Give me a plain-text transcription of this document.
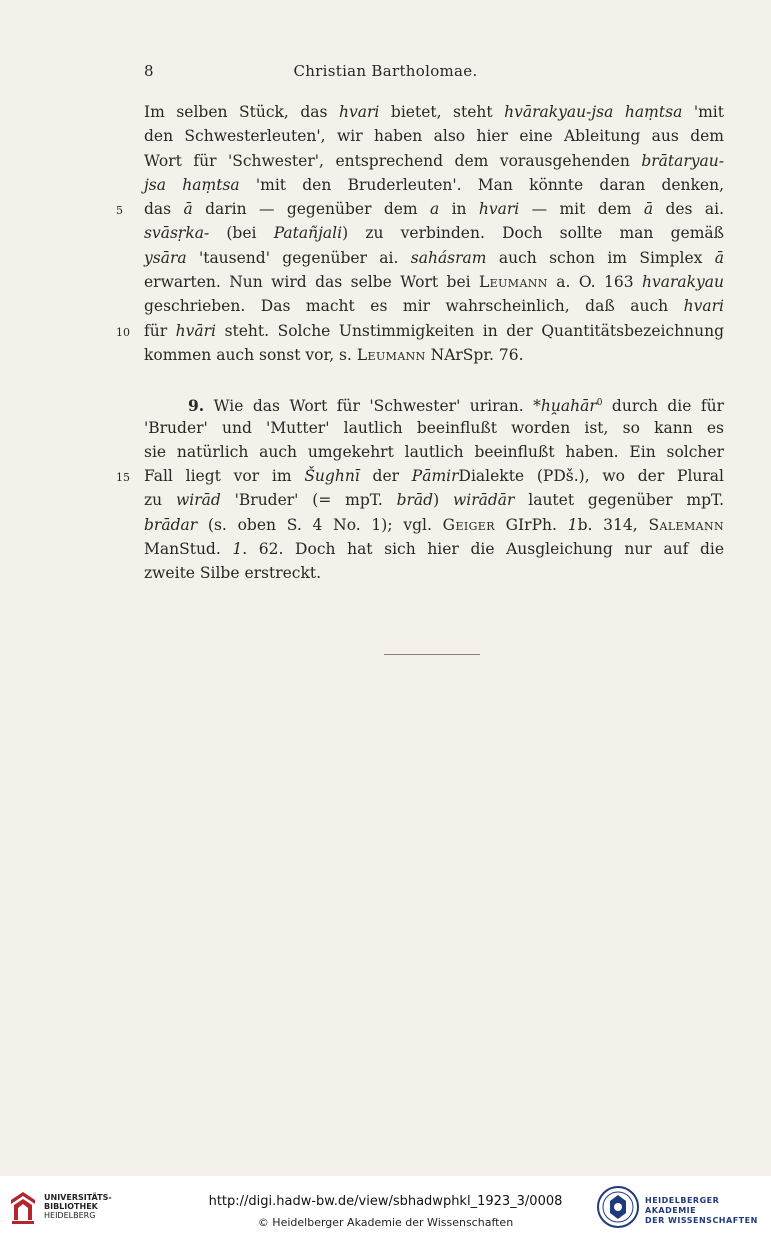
8	Christian Bartholomae.
Im selben Stück, das hvari bietet, steht hvārakyau-jsa haṃtsa 'mit
den Schwesterleuten', wir haben also hier eine Ableitung aus dem
Wort für 'Schwester', entsprechend dem vorausgehenden brātaryau-
jsa haṃtsa 'mit den Bruderleuten'. Man könnte daran denken,
5	das ā darin — gegenüber dem a in hvari — mit dem ā des ai.
svāsṛka- (bei Patañjali) zu verbinden. Doch sollte man gemäß
ysāra 'tausend' gegenüber ai. sahásram auch schon im Simplex ā
erwarten. Nun wird das selbe Wort bei Leumann a. O. 163 hvarakyau
geschrieben. Das macht es mir wahrscheinlich, daß auch hvari
10 für hvāri steht. Solche Unstimmigkeiten in der Quantitätsbezeichnung
kommen auch sonst vor, s. Leumann NArSpr. 76.
9. Wie das Wort für 'Schwester' uriran. *hu̯ahār$^0$ durch die für
'Bruder' und 'Mutter' lautlich beeinflußt worden ist, so kann es
sie natürlich auch umgekehrt lautlich beeinflußt haben. Ein solcher
15 Fall liegt vor im Šughnī der PāmirDialekte (PDš.), wo der Plural
zu wirād 'Bruder' (= mpT. brād) wirādār lautet gegenüber mpT.
brādar (s. oben S. 4 No. 1); vgl. Geiger GIrPh. 1b. 314, Salemann
ManStud. 1. 62. Doch hat sich hier die Ausgleichung nur auf die
zweite Silbe erstreckt.
UNIVERSITÄTS-
BIBLIOTHEK
HEIDELBERG
http://digi.hadw-bw.de/view/sbhadwphkl_1923_3/0008
© Heidelberger Akademie der Wissenschaften
HEIDELBERGER AKADEMIE
DER WISSENSCHAFTEN
